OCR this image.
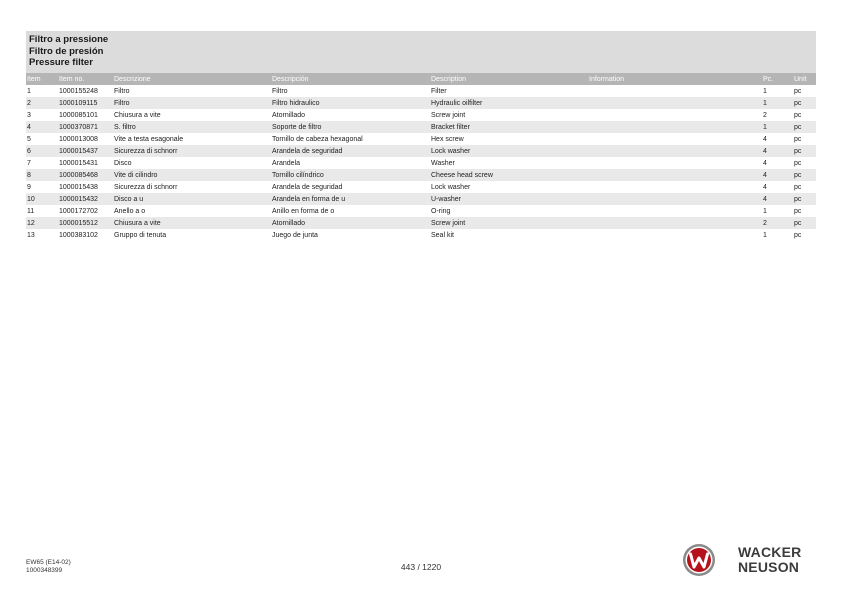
Filtro a pressione
Filtro de presión
Pressure filter
Item	Item no.	Descrizione	Descripción	Description	Information	Pc.	Unit
1	1000155248	Filtro	Filtro	Filter		1	pc
2	1000109115	Filtro	Filtro hidraulico	Hydraulic oilfilter		1	pc
3	1000085101	Chiusura a vite	Atornillado	Screw joint		2	pc
4	1000370871	S. filtro	Soporte de filtro	Bracket filter		1	pc
5	1000013008	Vite a testa esagonale	Tornillo de cabeza hexagonal	Hex screw		4	pc
6	1000015437	Sicurezza di schnorr	Arandela de seguridad	Lock washer		4	pc
7	1000015431	Disco	Arandela	Washer		4	pc
8	1000085468	Vite di cilindro	Tornillo cilíndrico	Cheese head screw		4	pc
9	1000015438	Sicurezza di schnorr	Arandela de seguridad	Lock washer		4	pc
10	1000015432	Disco a u	Arandela en forma de u	U-washer		4	pc
11	1000172702	Anello a o	Anillo en forma de o	O-ring		1	pc
12	1000015512	Chiusura a vite	Atornillado	Screw joint		2	pc
13	1000383102	Gruppo di tenuta	Juego de junta	Seal kit		1	pc
EW65 (E14-02)
1000348399	443 / 1220
WACKER
NEUSON
